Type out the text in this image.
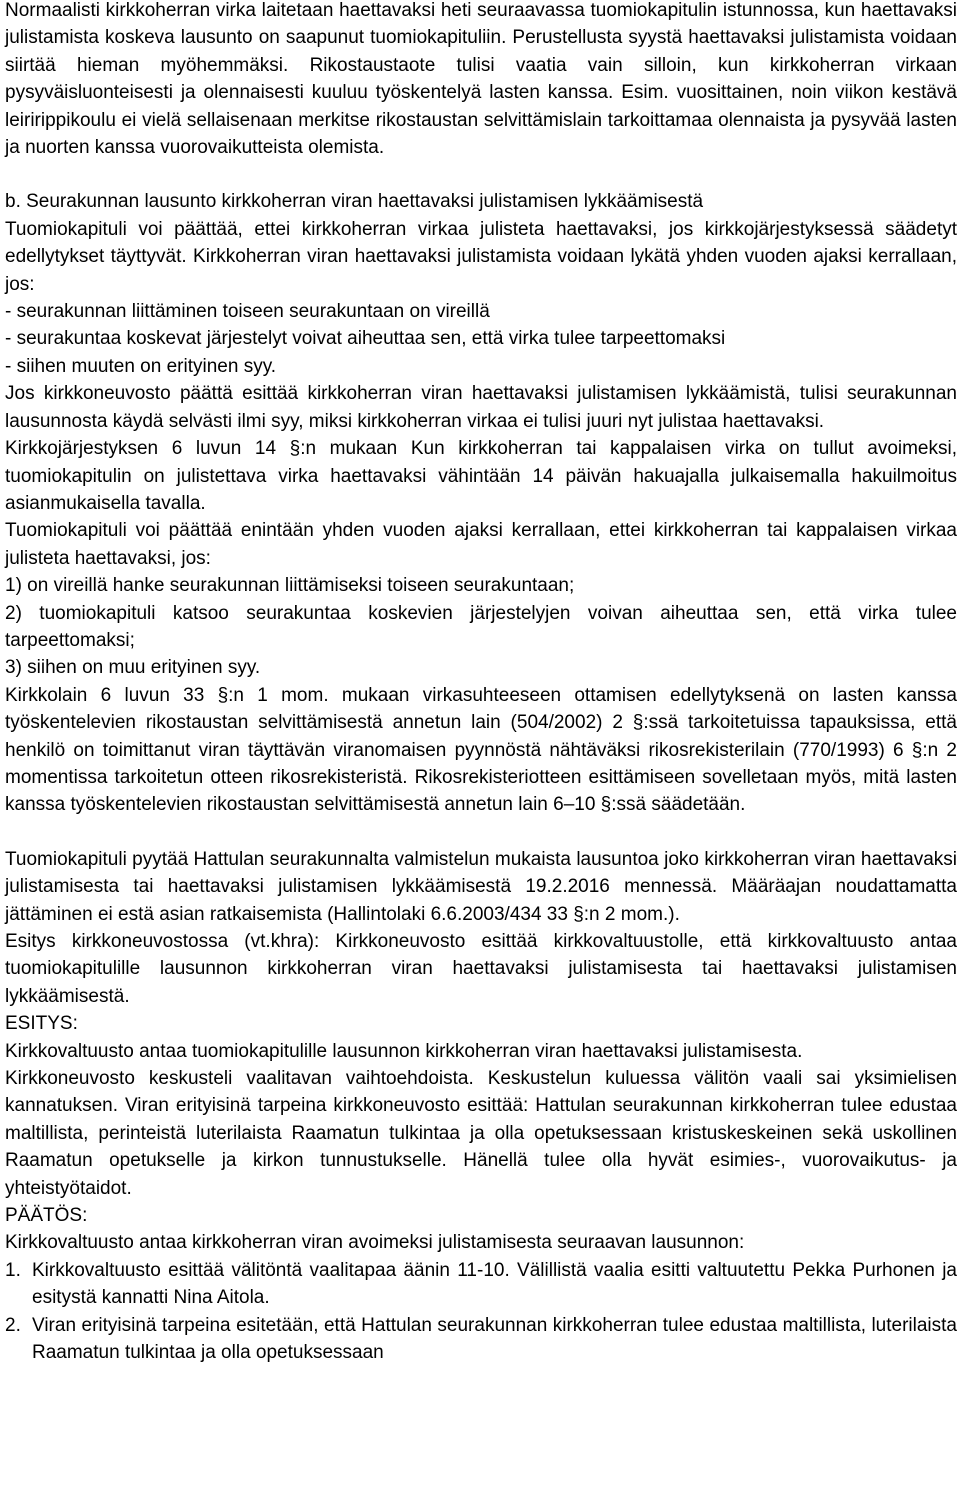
Normaalisti kirkkoherran virka laitetaan haettavaksi heti seuraavassa tuomiokapitulin istunnossa, kun haettavaksi julistamista koskeva lausunto on saapunut tuomiokapituliin. Perustellusta syystä haettavaksi julistamista voidaan siirtää hieman myöhemmäksi. Rikostaustaote tulisi vaatia vain silloin, kun kirkkoherran virkaan pysyväisluonteisesti ja olennaisesti kuuluu työskentelyä lasten kanssa. Esim. vuosittainen, noin viikon kestävä leiririppikoulu ei vielä sellaisenaan merkitse rikostaustan selvittämislain tarkoittamaa olennaista ja pysyvää lasten ja nuorten kanssa vuorovaikutteista olemista.

b. Seurakunnan lausunto kirkkoherran viran haettavaksi julistamisen lykkäämisestä

Tuomiokapituli voi päättää, ettei kirkkoherran virkaa julisteta haettavaksi, jos kirkkojärjestyksessä säädetyt edellytykset täyttyvät. Kirkkoherran viran haettavaksi julistamista voidaan lykätä yhden vuoden ajaksi kerrallaan, jos:

- seurakunnan liittäminen toiseen seurakuntaan on vireillä

- seurakuntaa koskevat järjestelyt voivat aiheuttaa sen, että virka tulee tarpeettomaksi

- siihen muuten on erityinen syy.

Jos kirkkoneuvosto päättä esittää kirkkoherran viran haettavaksi julistamisen lykkäämistä, tulisi seurakunnan lausunnosta käydä selvästi ilmi syy, miksi kirkkoherran virkaa ei tulisi juuri nyt julistaa haettavaksi.

Kirkkojärjestyksen 6 luvun 14 §:n mukaan Kun kirkkoherran tai kappalaisen virka on tullut avoimeksi, tuomiokapitulin on julistettava virka haettavaksi vähintään 14 päivän hakuajalla julkaisemalla hakuilmoitus asianmukaisella tavalla.

Tuomiokapituli voi päättää enintään yhden vuoden ajaksi kerrallaan, ettei kirkkoherran tai kappalaisen virkaa julisteta haettavaksi, jos:

1) on vireillä hanke seurakunnan liittämiseksi toiseen seurakuntaan;

2) tuomiokapituli katsoo seurakuntaa koskevien järjestelyjen voivan aiheuttaa sen, että virka tulee tarpeettomaksi;

3) siihen on muu erityinen syy.

Kirkkolain 6 luvun 33 §:n 1 mom. mukaan virkasuhteeseen ottamisen edellytyksenä on lasten kanssa työskentelevien rikostaustan selvittämisestä annetun lain (504/2002) 2 §:ssä tarkoitetuissa tapauksissa, että henkilö on toimittanut viran täyttävän viranomaisen pyynnöstä nähtäväksi rikosrekisterilain (770/1993) 6 §:n 2 momentissa tarkoitetun otteen rikosrekisteristä. Rikosrekisteriotteen esittämiseen sovelletaan myös, mitä lasten kanssa työskentelevien rikostaustan selvittämisestä annetun lain 6–10 §:ssä säädetään.

Tuomiokapituli pyytää Hattulan seurakunnalta valmistelun mukaista lausuntoa joko kirkkoherran viran haettavaksi julistamisesta tai haettavaksi julistamisen lykkäämisestä 19.2.2016 mennessä. Määräajan noudattamatta jättäminen ei estä asian ratkaisemista (Hallintolaki 6.6.2003/434 33 §:n 2 mom.).

Esitys kirkkoneuvostossa (vt.khra): Kirkkoneuvosto esittää kirkkovaltuustolle, että kirkkovaltuusto antaa tuomiokapitulille lausunnon kirkkoherran viran haettavaksi julistamisesta tai haettavaksi julistamisen lykkäämisestä.

ESITYS:

Kirkkovaltuusto antaa tuomiokapitulille lausunnon kirkkoherran viran haettavaksi julistamisesta.

Kirkkoneuvosto keskusteli vaalitavan vaihtoehdoista. Keskustelun kuluessa välitön vaali sai yksimielisen kannatuksen. Viran erityisinä tarpeina kirkkoneuvosto esittää: Hattulan seurakunnan kirkkoherran tulee edustaa maltillista, perinteistä luterilaista Raamatun tulkintaa ja olla opetuksessaan kristuskeskeinen sekä uskollinen Raamatun opetukselle ja kirkon tunnustukselle. Hänellä tulee olla hyvät esimies-, vuorovaikutus- ja yhteistyötaidot.

PÄÄTÖS:

Kirkkovaltuusto antaa kirkkoherran viran avoimeksi julistamisesta seuraavan lausunnon:

1. Kirkkovaltuusto esittää välitöntä vaalitapaa äänin 11-10. Välillistä vaalia esitti valtuutettu Pekka Purhonen ja esitystä kannatti Nina Aitola.
2. Viran erityisinä tarpeina esitetään, että Hattulan seurakunnan kirkkoherran tulee edustaa maltillista, luterilaista Raamatun tulkintaa ja olla opetuksessaan
